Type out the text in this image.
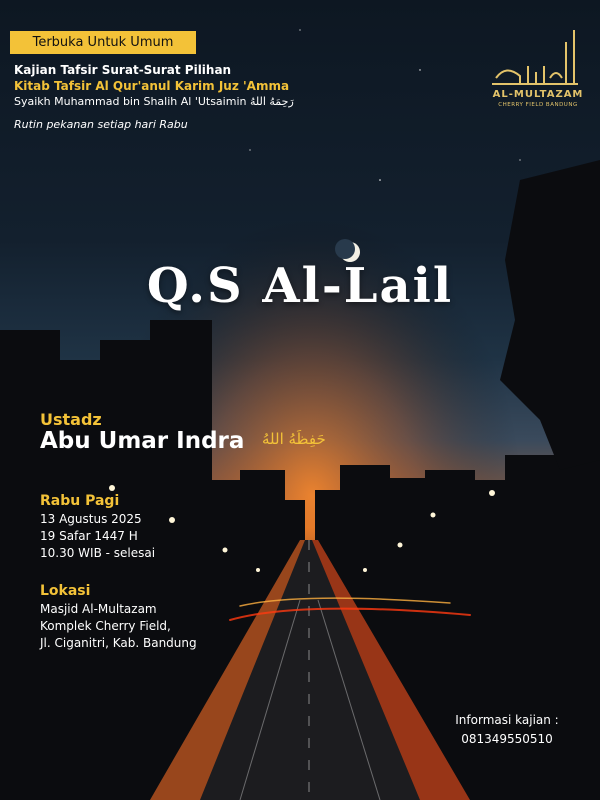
Terbuka Untuk Umum
Kajian Tafsir Surat-Surat Pilihan
Kitab Tafsir Al Qur'anul Karim Juz 'Amma
Syaikh Muhammad bin Shalih Al 'Utsaimin رَحِمَهُ اللهُ
Rutin pekanan setiap hari Rabu
AL-MULTAZAM
CHERRY FIELD BANDUNG
Q.S Al-Lail
Ustadz
Abu Umar Indra حَفِظَهُ اللهُ
Rabu Pagi
13 Agustus 2025
19 Safar 1447 H
10.30 WIB - selesai
Lokasi
Masjid Al-Multazam
Komplek Cherry Field,
Jl. Ciganitri, Kab. Bandung
Informasi kajian :
081349550510
